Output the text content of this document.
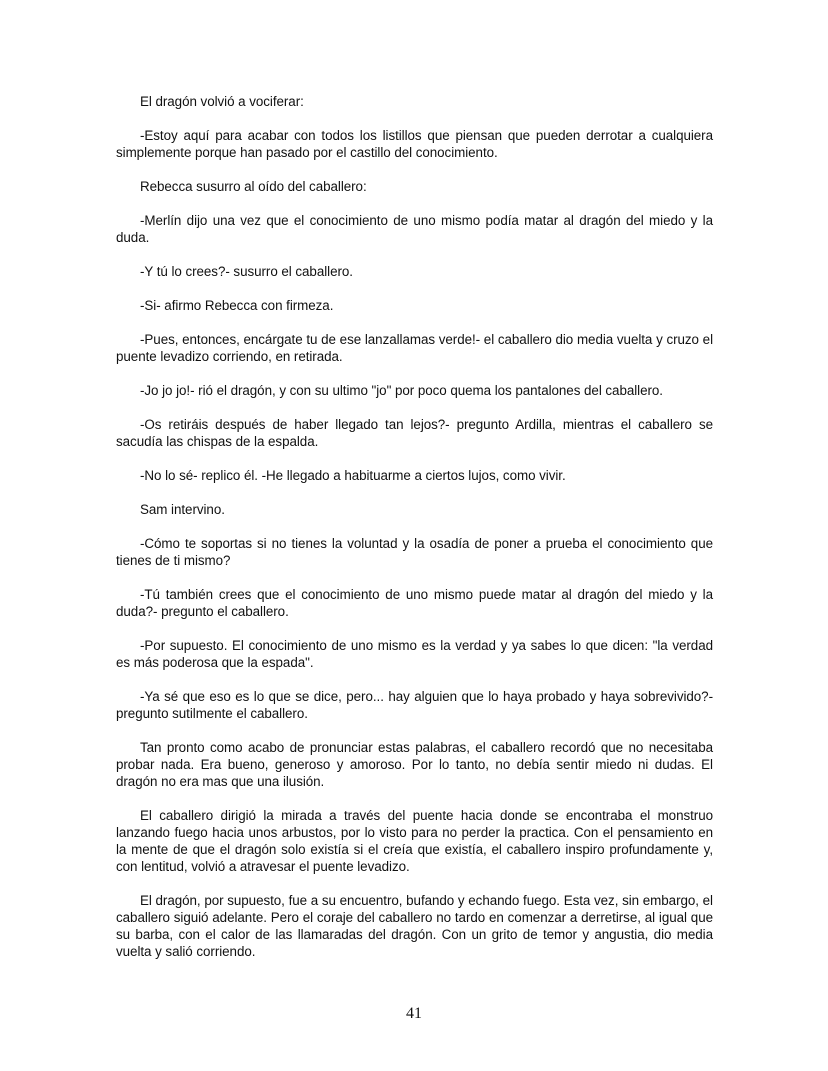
El dragón volvió a vociferar:

-Estoy aquí para acabar con todos los listillos que piensan que pueden derrotar a cualquiera simplemente porque han pasado por el castillo del conocimiento.

Rebecca susurro al oído del caballero:

-Merlín dijo una vez que el conocimiento de uno mismo podía matar al dragón del miedo y la duda.

-Y tú lo crees?- susurro el caballero.

-Si- afirmo Rebecca con firmeza.

-Pues, entonces, encárgate tu de ese lanzallamas verde!- el caballero dio media vuelta y cruzo el puente levadizo corriendo, en retirada.

-Jo jo jo!- rió el dragón, y con su ultimo "jo" por poco quema los pantalones del caballero.

-Os retiráis después de haber llegado tan lejos?- pregunto Ardilla, mientras el caballero se sacudía las chispas de la espalda.

-No lo sé- replico él. -He llegado a habituarme a ciertos lujos, como vivir.

Sam intervino.

-Cómo te soportas si no tienes la voluntad y la osadía de poner a prueba el conocimiento que tienes de ti mismo?

-Tú también crees que el conocimiento de uno mismo puede matar al dragón del miedo y la duda?- pregunto el caballero.

-Por supuesto. El conocimiento de uno mismo es la verdad y ya sabes lo que dicen: "la verdad es más poderosa que la espada".

-Ya sé que eso es lo que se dice, pero... hay alguien que lo haya probado y haya sobrevivido?- pregunto sutilmente el caballero.

Tan pronto como acabo de pronunciar estas palabras, el caballero recordó que no necesitaba probar nada. Era bueno, generoso y amoroso. Por lo tanto, no debía sentir miedo ni dudas. El dragón no era mas que una ilusión.

El caballero dirigió la mirada a través del puente hacia donde se encontraba el monstruo lanzando fuego hacia unos arbustos, por lo visto para no perder la practica. Con el pensamiento en la mente de que el dragón solo existía si el creía que existía, el caballero inspiro profundamente y, con lentitud, volvió a atravesar el puente levadizo.

El dragón, por supuesto, fue a su encuentro, bufando y echando fuego. Esta vez, sin embargo, el caballero siguió adelante. Pero el coraje del caballero no tardo en comenzar a derretirse, al igual que su barba, con el calor de las llamaradas del dragón. Con un grito de temor y angustia, dio media vuelta y salió corriendo.

41
